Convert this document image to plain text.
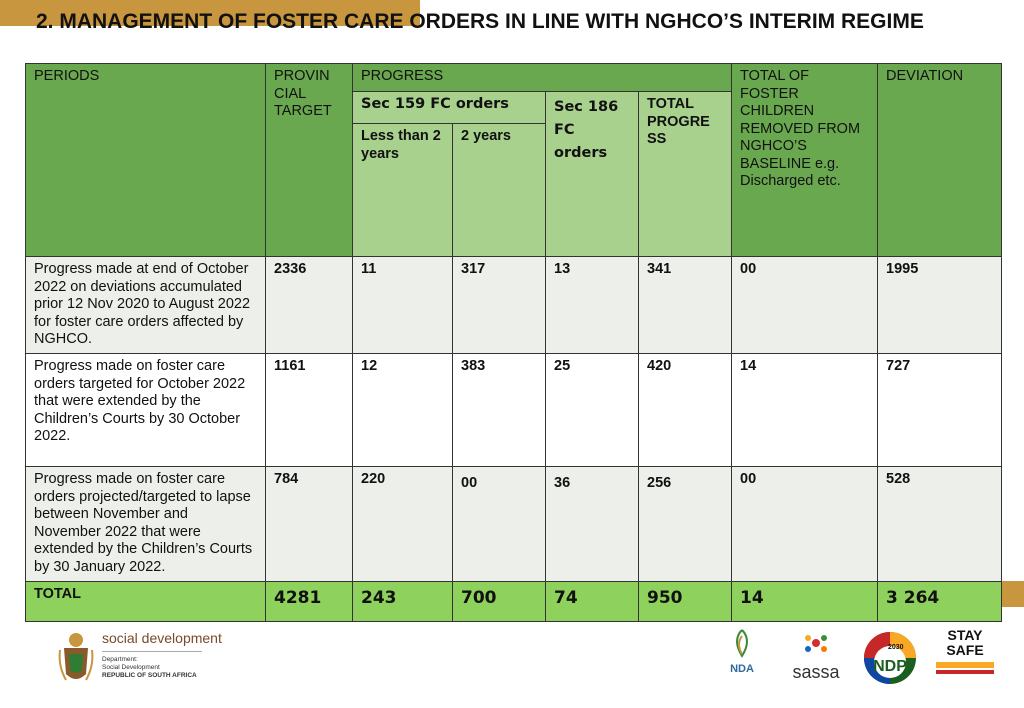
2. MANAGEMENT OF FOSTER CARE ORDERS IN LINE WITH NGHCO’S INTERIM REGIME
PERIODS	PROVIN CIAL TARGET	PROGRESS				TOTAL OF FOSTER CHILDREN REMOVED FROM NGHCO’S BASELINE e.g. Discharged etc.	DEVIATION
		Sec 159 FC orders		Sec 186 FC orders	TOTAL PROGRE SS		
		Less than 2 years	2 years				
Progress made at end of October 2022 on deviations accumulated prior 12 Nov 2020 to August 2022 for foster care orders affected by NGHCO.	2336	11	317	13	341	00	1995
Progress made on foster care orders targeted for October 2022 that were extended by the Children’s Courts by 30 October 2022.	1161	12	383	25	420	14	727
Progress made on foster care orders projected/targeted to lapse between November and November 2022 that were extended by the Children’s Courts by 30 January 2022.	784	220	00	36	256	00	528
TOTAL	4281	243	700	74	950	14	3 264
social development
Department:
Social Development
REPUBLIC OF SOUTH AFRICA
NDA	sassa	NDP
2030
STAY SAFE
